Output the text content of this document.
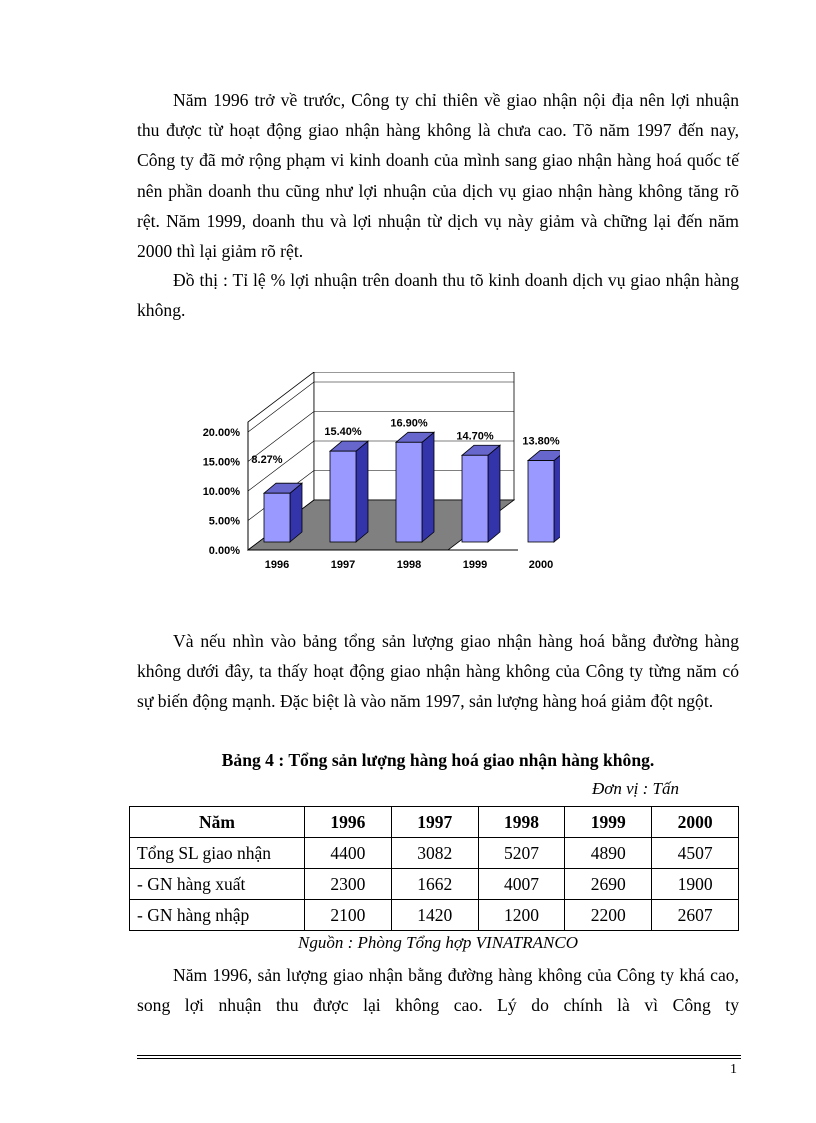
Năm 1996 trở về trước, Công ty chỉ thiên về giao nhận nội địa nên lợi nhuận thu được từ hoạt động giao nhận hàng không là chưa cao. Tõ năm 1997 đến nay, Công ty đã mở rộng phạm vi kinh doanh của mình sang giao nhận hàng hoá quốc tế nên phần doanh thu cũng như lợi nhuận của dịch vụ giao nhận hàng không tăng rõ rệt. Năm 1999, doanh thu và lợi nhuận từ dịch vụ này giảm và chững lại đến năm 2000 thì lại giảm rõ rệt.

Đồ thị : Tỉ lệ % lợi nhuận trên doanh thu tõ kinh doanh dịch vụ giao nhận hàng không.

0.00%
5.00%
10.00%
15.00%
20.00%
8.27%
1996
15.40%
1997
16.90%
1998
14.70%
1999
13.80%
2000

Và nếu nhìn vào bảng tổng sản lượng giao nhận hàng hoá bằng đường hàng không dưới đây, ta thấy hoạt động giao nhận hàng không của Công ty từng năm có sự biến động mạnh. Đặc biệt là vào năm 1997, sản lượng hàng hoá giảm đột ngột.

Bảng 4 : Tổng sản lượng hàng hoá giao nhận hàng không.

Đơn vị : Tấn
Năm	1996	1997	1998	1999	2000
Tổng SL giao nhận	4400	3082	5207	4890	4507
- GN hàng xuất	2300	1662	4007	2690	1900
- GN hàng nhập	2100	1420	1200	2200	2607
Nguồn : Phòng Tổng hợp VINATRANCO

Năm 1996, sản lượng giao nhận bằng đường hàng không của Công ty khá cao, song lợi nhuận thu được lại không cao. Lý do chính là vì Công ty

1
